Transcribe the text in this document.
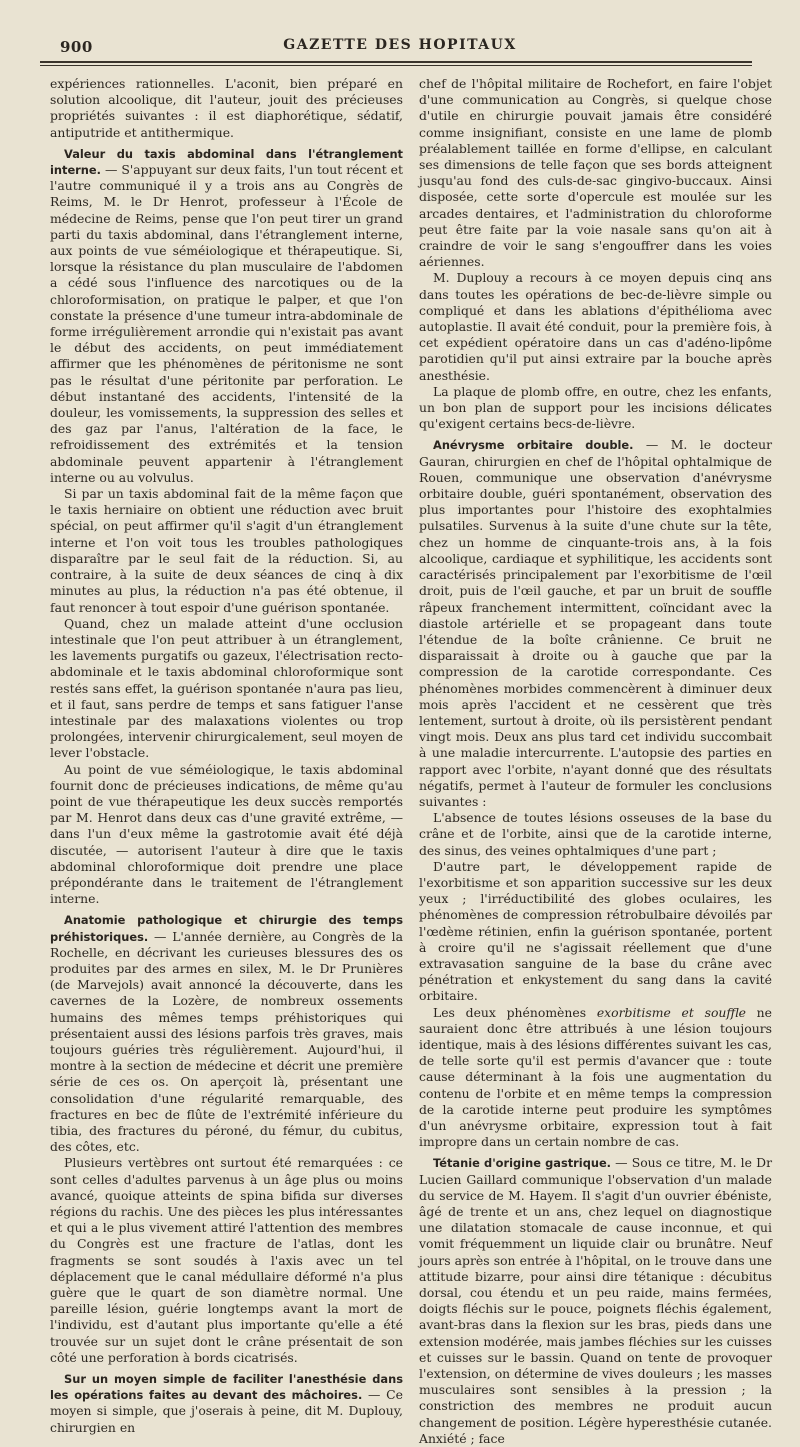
900	GAZETTE DES HOPITAUX

expériences rationnelles. L'aconit, bien préparé en solution alcoolique, dit l'auteur, jouit des précieuses propriétés suivantes : il est diaphorétique, sédatif, antiputride et antithermique.

Valeur du taxis abdominal dans l'étranglement interne. — S'appuyant sur deux faits, l'un tout récent et l'autre communiqué il y a trois ans au Congrès de Reims, M. le Dr Henrot, professeur à l'École de médecine de Reims, pense que l'on peut tirer un grand parti du taxis abdominal, dans l'étranglement interne, aux points de vue séméiologique et thérapeutique. Si, lorsque la résistance du plan musculaire de l'abdomen a cédé sous l'influence des narcotiques ou de la chloroformisation, on pratique le palper, et que l'on constate la présence d'une tumeur intra-abdominale de forme irrégulièrement arrondie qui n'existait pas avant le début des accidents, on peut immédiatement affirmer que les phénomènes de péritonisme ne sont pas le résultat d'une péritonite par perforation. Le début instantané des accidents, l'intensité de la douleur, les vomissements, la suppression des selles et des gaz par l'anus, l'altération de la face, le refroidissement des extrémités et la tension abdominale peuvent appartenir à l'étranglement interne ou au volvulus.

Si par un taxis abdominal fait de la même façon que le taxis herniaire on obtient une réduction avec bruit spécial, on peut affirmer qu'il s'agit d'un étranglement interne et l'on voit tous les troubles pathologiques disparaître par le seul fait de la réduction. Si, au contraire, à la suite de deux séances de cinq à dix minutes au plus, la réduction n'a pas été obtenue, il faut renoncer à tout espoir d'une guérison spontanée.

Quand, chez un malade atteint d'une occlusion intestinale que l'on peut attribuer à un étranglement, les lavements purgatifs ou gazeux, l'électrisation recto-abdominale et le taxis abdominal chloroformique sont restés sans effet, la guérison spontanée n'aura pas lieu, et il faut, sans perdre de temps et sans fatiguer l'anse intestinale par des malaxations violentes ou trop prolongées, intervenir chirurgicalement, seul moyen de lever l'obstacle.

Au point de vue séméiologique, le taxis abdominal fournit donc de précieuses indications, de même qu'au point de vue thérapeutique les deux succès remportés par M. Henrot dans deux cas d'une gravité extrême, — dans l'un d'eux même la gastrotomie avait été déjà discutée, — autorisent l'auteur à dire que le taxis abdominal chloroformique doit prendre une place prépondérante dans le traitement de l'étranglement interne.

Anatomie pathologique et chirurgie des temps préhistoriques. — L'année dernière, au Congrès de la Rochelle, en décrivant les curieuses blessures des os produites par des armes en silex, M. le Dr Prunières (de Marvejols) avait annoncé la découverte, dans les cavernes de la Lozère, de nombreux ossements humains des mêmes temps préhistoriques qui présentaient aussi des lésions parfois très graves, mais toujours guéries très régulièrement. Aujourd'hui, il montre à la section de médecine et décrit une première série de ces os. On aperçoit là, présentant une consolidation d'une régularité remarquable, des fractures en bec de flûte de l'extrémité inférieure du tibia, des fractures du péroné, du fémur, du cubitus, des côtes, etc.

Plusieurs vertèbres ont surtout été remarquées : ce sont celles d'adultes parvenus à un âge plus ou moins avancé, quoique atteints de spina bifida sur diverses régions du rachis. Une des pièces les plus intéressantes et qui a le plus vivement attiré l'attention des membres du Congrès est une fracture de l'atlas, dont les fragments se sont soudés à l'axis avec un tel déplacement que le canal médullaire déformé n'a plus guère que le quart de son diamètre normal. Une pareille lésion, guérie longtemps avant la mort de l'individu, est d'autant plus importante qu'elle a été trouvée sur un sujet dont le crâne présentait de son côté une perforation à bords cicatrisés.

Sur un moyen simple de faciliter l'anesthésie dans les opérations faites au devant des mâchoires. — Ce moyen si simple, que j'oserais à peine, dit M. Duplouy, chirurgien en

chef de l'hôpital militaire de Rochefort, en faire l'objet d'une communication au Congrès, si quelque chose d'utile en chirurgie pouvait jamais être considéré comme insignifiant, consiste en une lame de plomb préalablement taillée en forme d'ellipse, en calculant ses dimensions de telle façon que ses bords atteignent jusqu'au fond des culs-de-sac gingivo-buccaux. Ainsi disposée, cette sorte d'opercule est moulée sur les arcades dentaires, et l'administration du chloroforme peut être faite par la voie nasale sans qu'on ait à craindre de voir le sang s'engouffrer dans les voies aériennes.

M. Duplouy a recours à ce moyen depuis cinq ans dans toutes les opérations de bec-de-lièvre simple ou compliqué et dans les ablations d'épithélioma avec autoplastie. Il avait été conduit, pour la première fois, à cet expédient opératoire dans un cas d'adéno-lipôme parotidien qu'il put ainsi extraire par la bouche après anesthésie.

La plaque de plomb offre, en outre, chez les enfants, un bon plan de support pour les incisions délicates qu'exigent certains becs-de-lièvre.

Anévrysme orbitaire double. — M. le docteur Gauran, chirurgien en chef de l'hôpital ophtalmique de Rouen, communique une observation d'anévrysme orbitaire double, guéri spontanément, observation des plus importantes pour l'histoire des exophtalmies pulsatiles. Survenus à la suite d'une chute sur la tête, chez un homme de cinquante-trois ans, à la fois alcoolique, cardiaque et syphilitique, les accidents sont caractérisés principalement par l'exorbitisme de l'œil droit, puis de l'œil gauche, et par un bruit de souffle râpeux franchement intermittent, coïncidant avec la diastole artérielle et se propageant dans toute l'étendue de la boîte crânienne. Ce bruit ne disparaissait à droite ou à gauche que par la compression de la carotide correspondante. Ces phénomènes morbides commencèrent à diminuer deux mois après l'accident et ne cessèrent que très lentement, surtout à droite, où ils persistèrent pendant vingt mois. Deux ans plus tard cet individu succombait à une maladie intercurrente. L'autopsie des parties en rapport avec l'orbite, n'ayant donné que des résultats négatifs, permet à l'auteur de formuler les conclusions suivantes :

L'absence de toutes lésions osseuses de la base du crâne et de l'orbite, ainsi que de la carotide interne, des sinus, des veines ophtalmiques d'une part ;

D'autre part, le développement rapide de l'exorbitisme et son apparition successive sur les deux yeux ; l'irréductibilité des globes oculaires, les phénomènes de compression rétrobulbaire dévoilés par l'œdème rétinien, enfin la guérison spontanée, portent à croire qu'il ne s'agissait réellement que d'une extravasation sanguine de la base du crâne avec pénétration et enkystement du sang dans la cavité orbitaire.

Les deux phénomènes exorbitisme et souffle ne sauraient donc être attribués à une lésion toujours identique, mais à des lésions différentes suivant les cas, de telle sorte qu'il est permis d'avancer que : toute cause déterminant à la fois une augmentation du contenu de l'orbite et en même temps la compression de la carotide interne peut produire les symptômes d'un anévrysme orbitaire, expression tout à fait impropre dans un certain nombre de cas.

Tétanie d'origine gastrique. — Sous ce titre, M. le Dr Lucien Gaillard communique l'observation d'un malade du service de M. Hayem. Il s'agit d'un ouvrier ébéniste, âgé de trente et un ans, chez lequel on diagnostique une dilatation stomacale de cause inconnue, et qui vomit fréquemment un liquide clair ou brunâtre. Neuf jours après son entrée à l'hôpital, on le trouve dans une attitude bizarre, pour ainsi dire tétanique : décubitus dorsal, cou étendu et un peu raide, mains fermées, doigts fléchis sur le pouce, poignets fléchis également, avant-bras dans la flexion sur les bras, pieds dans une extension modérée, mais jambes fléchies sur les cuisses et cuisses sur le bassin. Quand on tente de provoquer l'extension, on détermine de vives douleurs ; les masses musculaires sont sensibles à la pression ; la constriction des membres ne produit aucun changement de position. Légère hyperesthésie cutanée. Anxiété ; face
